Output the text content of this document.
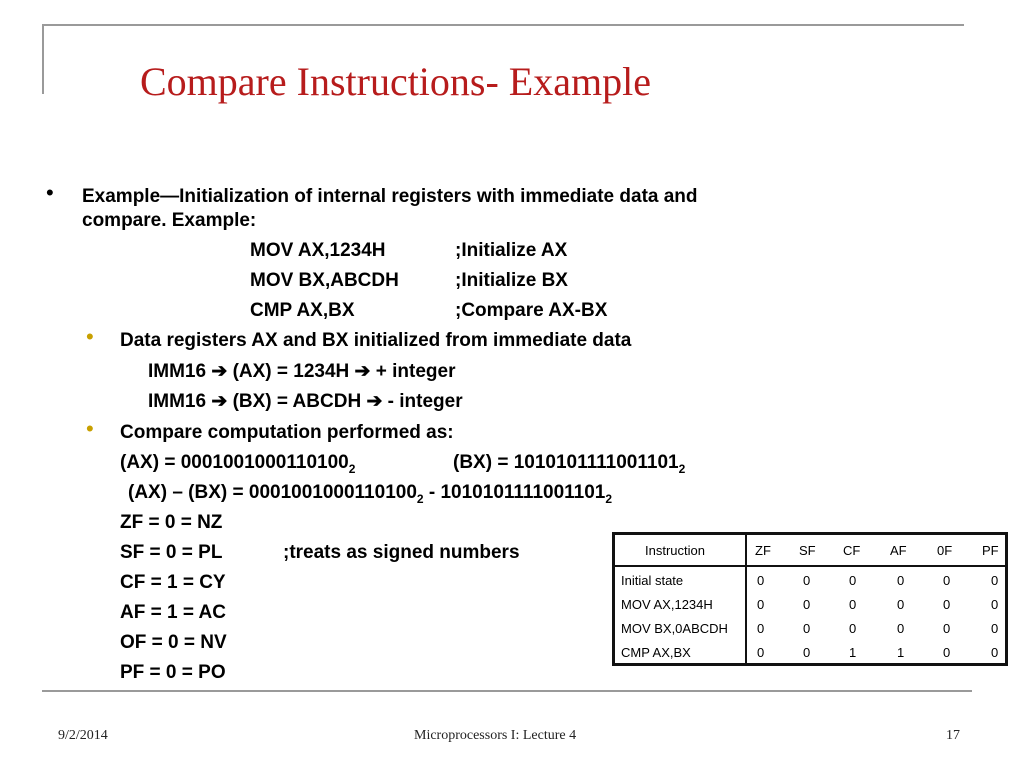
Compare Instructions- Example
• Example—Initialization of internal registers with immediate data and
compare. Example:
MOV AX,1234H	;Initialize AX
MOV BX,ABCDH	;Initialize BX
CMP AX,BX	;Compare AX-BX
• Data registers AX and BX initialized from immediate data
IMM16 ➔ (AX) = 1234H ➔ + integer
IMM16 ➔ (BX) = ABCDH ➔ - integer
• Compare computation performed as:
$(AX) = 0001001000110100_2$	$(BX) = 1010101111001101_2$
$(AX) - (BX) = 0001001000110100_2 - 1010101111001101_2$
ZF = 0 = NZ
SF = 0 = PL	;treats as signed numbers
CF = 1 = CY
AF = 1 = AC
OF = 0 = NV
PF = 0 = PO
Instruction	ZF SF CF AF 0F PF
Initial state	0	0	0	0	0	0
MOV AX,1234H	0	0	0	0	0	0
MOV BX,0ABCDH 0	0	0	0	0	0
CMP AX,BX	0	0	1	1	0	0
9/2/2014	Microprocessors I: Lecture 4	17
